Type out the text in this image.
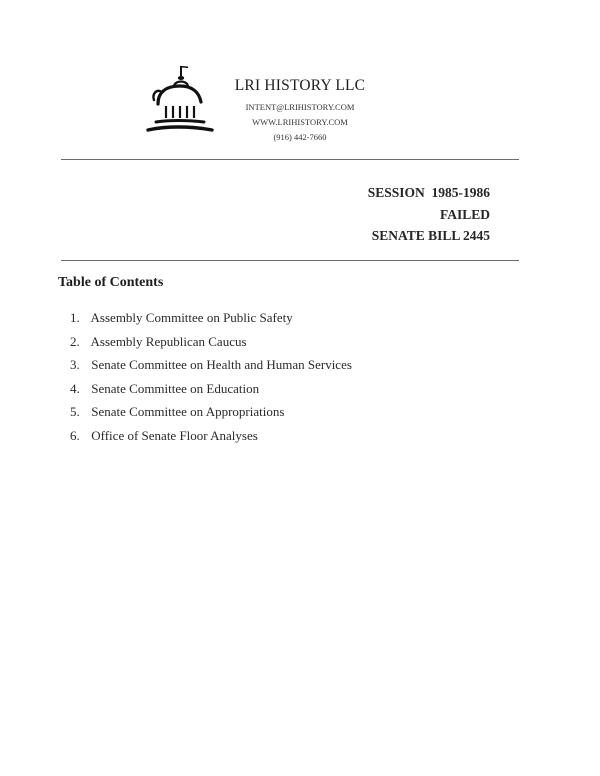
LRI HISTORY LLC
INTENT@LRIHISTORY.COM
WWW.LRIHISTORY.COM
(916) 442-7660
SESSION  1985-1986
FAILED
SENATE BILL 2445
Table of Contents
1. Assembly Committee on Public Safety
2. Assembly Republican Caucus
3. Senate Committee on Health and Human Services
4. Senate Committee on Education
5. Senate Committee on Appropriations
6. Office of Senate Floor Analyses
